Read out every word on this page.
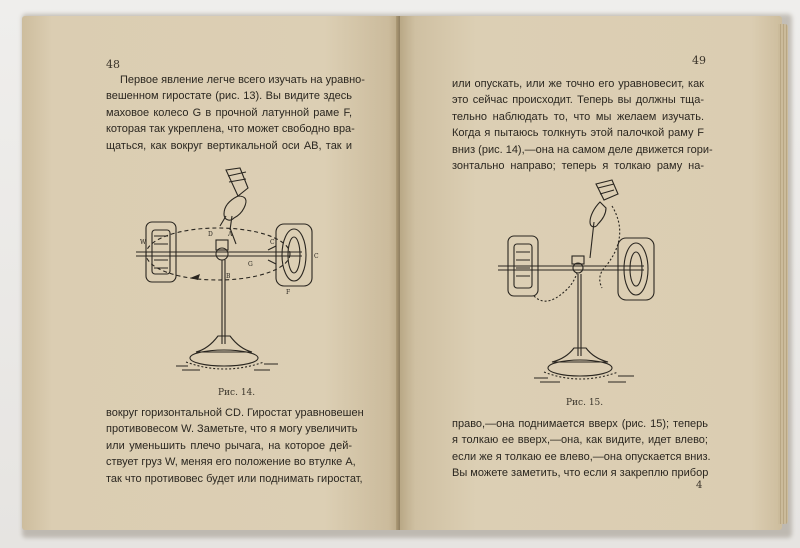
48
Первое явление легче всего изучать на уравно-
вешенном гиростате (рис. 13). Вы видите здесь
маховое колесо G в прочной латунной раме F,
которая так укреплена, что может свободно вра-
щаться, как вокруг вертикальной оси AB, так и
D	A
C
B
G
F
W
C
Рис. 14.
вокруг горизонтальной CD. Гиростат уравновешен
противовесом W. Заметьте, что я могу увеличить
или уменьшить плечо рычага, на которое дей-
ствует груз W, меняя его положение во втулке A,
так что противовес будет или поднимать гиростат,
49
или опускать, или же точно его уравновесит, как
это сейчас происходит. Теперь вы должны тща-
тельно наблюдать то, что мы желаем изучать.
Когда я пытаюсь толкнуть этой палочкой раму F
вниз (рис. 14),—она на самом деле движется гори-
зонтально направо; теперь я толкаю раму на-
Рис. 15.
право,—она поднимается вверх (рис. 15); теперь
я толкаю ее вверх,—она, как видите, идет влево;
если же я толкаю ее влево,—она опускается вниз.
Вы можете заметить, что если я закреплю прибор
4
